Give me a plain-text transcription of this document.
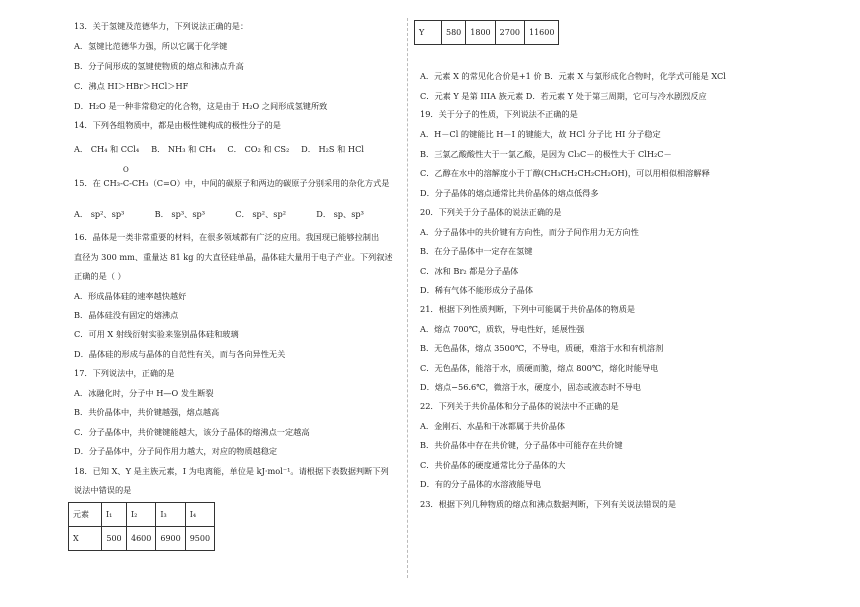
13．关于氢键及范德华力，下列说法正确的是：

A．氢键比范德华力强，所以它属于化学键

B．分子间形成的氢键使物质的熔点和沸点升高

C．沸点 HI＞HBr＞HCl＞HF

D．H₂O 是一种非常稳定的化合物，这是由于 H₂O 之间形成氢键所致

14．下列各组物质中，都是由极性键构成的极性分子的是

A． CH₄ 和 CCl₄ B． NH₃ 和 CH₄ C． CO₂ 和 CS₂ D． H₂S 和 HCl
O

15．在 CH₃-C-CH₃（C=O）中，中间的碳原子和两边的碳原子分别采用的杂化方式是

A． sp²、sp³	B． sp³、sp³	C． sp²、sp²	D． sp、sp³

16．晶体是一类非常重要的材料，在很多领域都有广泛的应用。我国现已能够拉制出

直径为 300 mm、重量达 81 kg 的大直径硅单晶，晶体硅大量用于电子产业。下列叙述

正确的是（ ）

A．形成晶体硅的速率越快越好

B．晶体硅没有固定的熔沸点

C．可用 X 射线衍射实验来鉴别晶体硅和玻璃

D．晶体硅的形成与晶体的自范性有关，而与各向异性无关

17．下列说法中，正确的是

A．冰融化时，分子中 H—O 发生断裂

B．共价晶体中，共价键越强，熔点越高

C．分子晶体中，共价键键能越大，该分子晶体的熔沸点一定越高

D．分子晶体中，分子间作用力越大，对应的物质越稳定

18．已知 X、Y 是主族元素，I 为电离能，单位是 kJ·mol⁻¹。请根据下表数据判断下列

说法中错误的是

元素	I₁	I₂	I₃	I₄
X	500	4600	6900	9500
Y	580	1800	2700	11600

A．元素 X 的常见化合价是+1 价 B．元素 X 与氯形成化合物时，化学式可能是 XCl

C．元素 Y 是第 IIIA 族元素 D．若元素 Y 处于第三周期，它可与冷水剧烈反应

19．关于分子的性质，下列说法不正确的是

A．H－Cl 的键能比 H－I 的键能大，故 HCl 分子比 HI 分子稳定

B．三氯乙酸酸性大于一氯乙酸，是因为 Cl₃C－的极性大于 ClH₂C－

C．乙醇在水中的溶解度小于丁醇(CH₃CH₂CH₂CH₂OH)，可以用相似相溶解释

D．分子晶体的熔点通常比共价晶体的熔点低得多

20．下列关于分子晶体的说法正确的是

A．分子晶体中的共价键有方向性，而分子间作用力无方向性

B．在分子晶体中一定存在氢键

C．冰和 Br₂ 都是分子晶体

D．稀有气体不能形成分子晶体

21．根据下列性质判断，下列中可能属于共价晶体的物质是

A．熔点 700℃，质软，导电性好，延展性强

B．无色晶体，熔点 3500℃，不导电，质硬，难溶于水和有机溶剂

C．无色晶体，能溶于水，质硬而脆，熔点 800℃，熔化时能导电

D．熔点−56.6℃，微溶于水，硬度小，固态或液态时不导电

22．下列关于共价晶体和分子晶体的说法中不正确的是

A．金刚石、水晶和干冰都属于共价晶体

B．共价晶体中存在共价键，分子晶体中可能存在共价键

C．共价晶体的硬度通常比分子晶体的大

D．有的分子晶体的水溶液能导电

23．根据下列几种物质的熔点和沸点数据判断，下列有关说法错误的是
